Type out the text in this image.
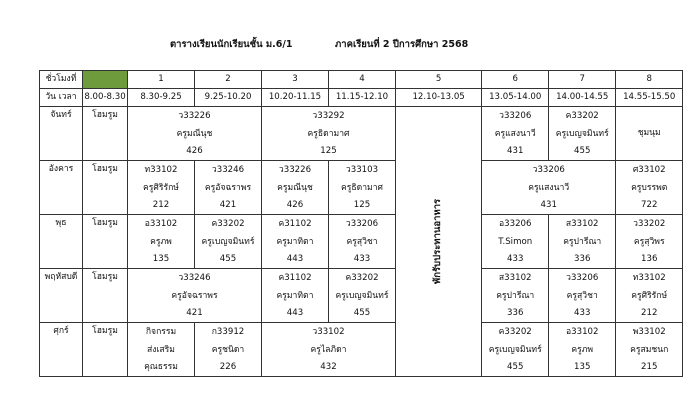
ตารางเรียนนักเรียนชั้น ม.6/1	ภาคเรียนที่ 2 ปีการศึกษา 2568
ชั่วโมงที่		1	2	3	4	5	6	7	8
วัน เวลา	8.00-8.30	8.30-9.25	9.25-10.20	10.20-11.15	11.15-12.10	12.10-13.05	13.05-14.00	14.00-14.55	14.55-15.50
จันทร์	โฮมรูม	ว33226
ครูมณีนุช
426		ว33292
ครูธิดามาศ
125		พักรับประทานอาหาร	ว33206
ครูแสงนาวี
431	ค33202
ครูเบญจมินทร์
455	ชุมนุม
อังคาร	โฮมรูม	ท33102
ครูศิริรักษ์
212	ว33246
ครูอัจฉราพร
421	ว33226
ครูมณีนุช
426	ว33103
ครูธิดามาศ
125		ว33206
ครูแสงนาวี
431		ศ33102
ครูบรรพต
722

พุธ	โฮมรูม	อ33102
ครูภพ
135	ค33202
ครูเบญจมินทร์
455	ค31102
ครูมาทิตา
443	ว33206
ครูสุวิชา
433		อ33206
T.Simon
433	ส33102
ครูปารีณา
336	ว33202
ครูสุวิพร
136

พฤหัสบดี	โฮมรูม	ว33246
ครูอัจฉราพร
421		ค31102
ครูมาทิตา
443	ค33202
ครูเบญจมินทร์
455		ส33102
ครูปารีณา
336	ว33206
ครูสุวิชา
433	ท33102
ครูศิริรักษ์
212

ศุกร์	โฮมรูม	กิจกรรม
ส่งเสริม
คุณธรรม	ก33912
ครูชนิดา
226	ว33102
ครูไลภิดา
432			ค33202
ครูเบญจมินทร์
455	อ33102
ครูภพ
135	พ33102
ครูสมชนก
215
